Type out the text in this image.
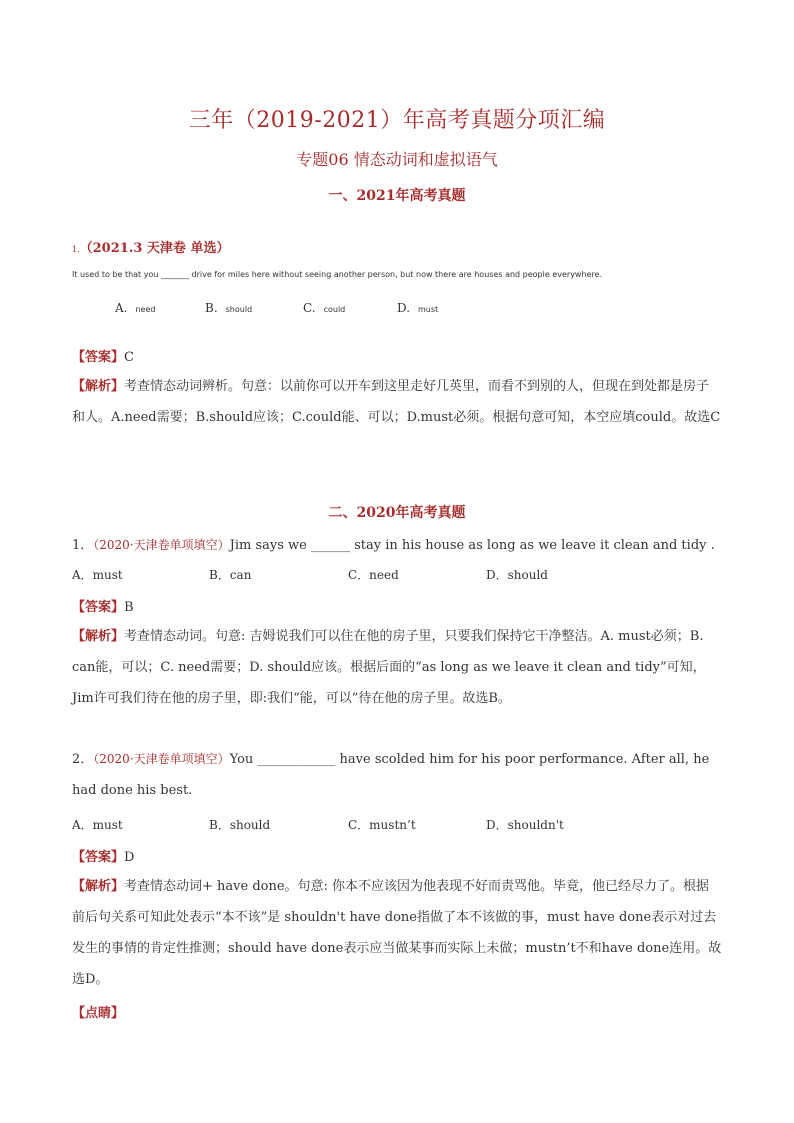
三年（2019-2021）年高考真题分项汇编
专题06 情态动词和虚拟语气
一、2021年高考真题
1.（2021.3 天津卷 单选）
It used to be that you _______ drive for miles here without seeing another person, but now there are houses and people everywhere.
A. need	B. should	C. could	D. must
【答案】C
【解析】考查情态动词辨析。句意：以前你可以开车到这里走好几英里，而看不到别的人，但现在到处都是房子和人。A.need需要；B.should应该；C.could能、可以；D.must必须。根据句意可知，本空应填could。故选C
二、2020年高考真题
1．（2020·天津卷单项填空）Jim says we ______ stay in his house as long as we leave it clean and tidy .
A．must	B．can	C．need	D．should
【答案】B
【解析】考查情态动词。句意: 吉姆说我们可以住在他的房子里，只要我们保持它干净整洁。A. must必须；B. can能，可以；C. need需要；D. should应该。根据后面的“as long as we leave it clean and tidy”可知，Jim许可我们待在他的房子里，即:我们“能，可以”待在他的房子里。故选B。
2．（2020·天津卷单项填空）You ____________ have scolded him for his poor performance. After all, he had done his best.
A．must	B．should	C．mustn’t	D．shouldn't
【答案】D
【解析】考查情态动词+ have done。句意: 你本不应该因为他表现不好而责骂他。毕竟，他已经尽力了。根据前后句关系可知此处表示“本不该”是 shouldn't have done指做了本不该做的事，must have done表示对过去发生的事情的肯定性推测；should have done表示应当做某事而实际上未做；mustn’t不和have done连用。故选D。
【点睛】
